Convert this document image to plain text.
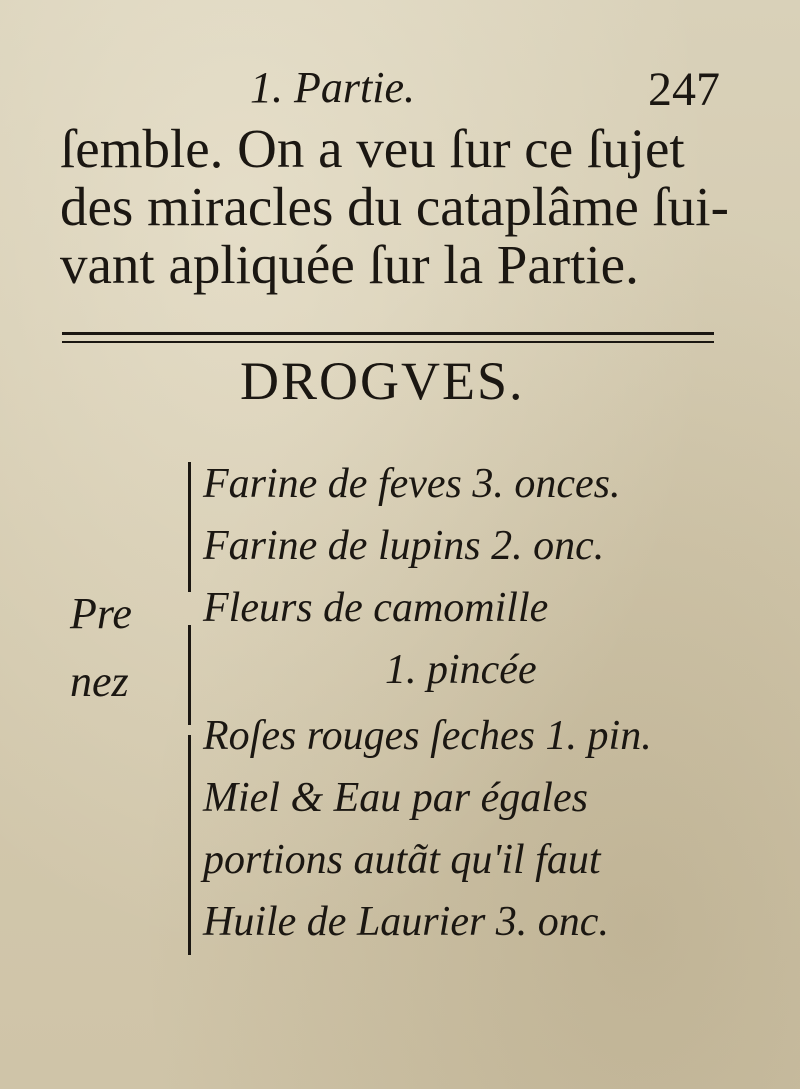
1. Partie.	247
ſemble. On a veu ſur ce ſujet
des miracles du cataplâme ſui-
vant apliquée ſur la Partie.
DROGVES.
Pre
nez
Farine de feves 3. onces.
Farine de lupins 2. onc.
Fleurs de camomille
1. pincée
Roſes rouges ſeches 1. pin.
Miel & Eau par égales
portions autãt qu'il faut
Huile de Laurier 3. onc.
